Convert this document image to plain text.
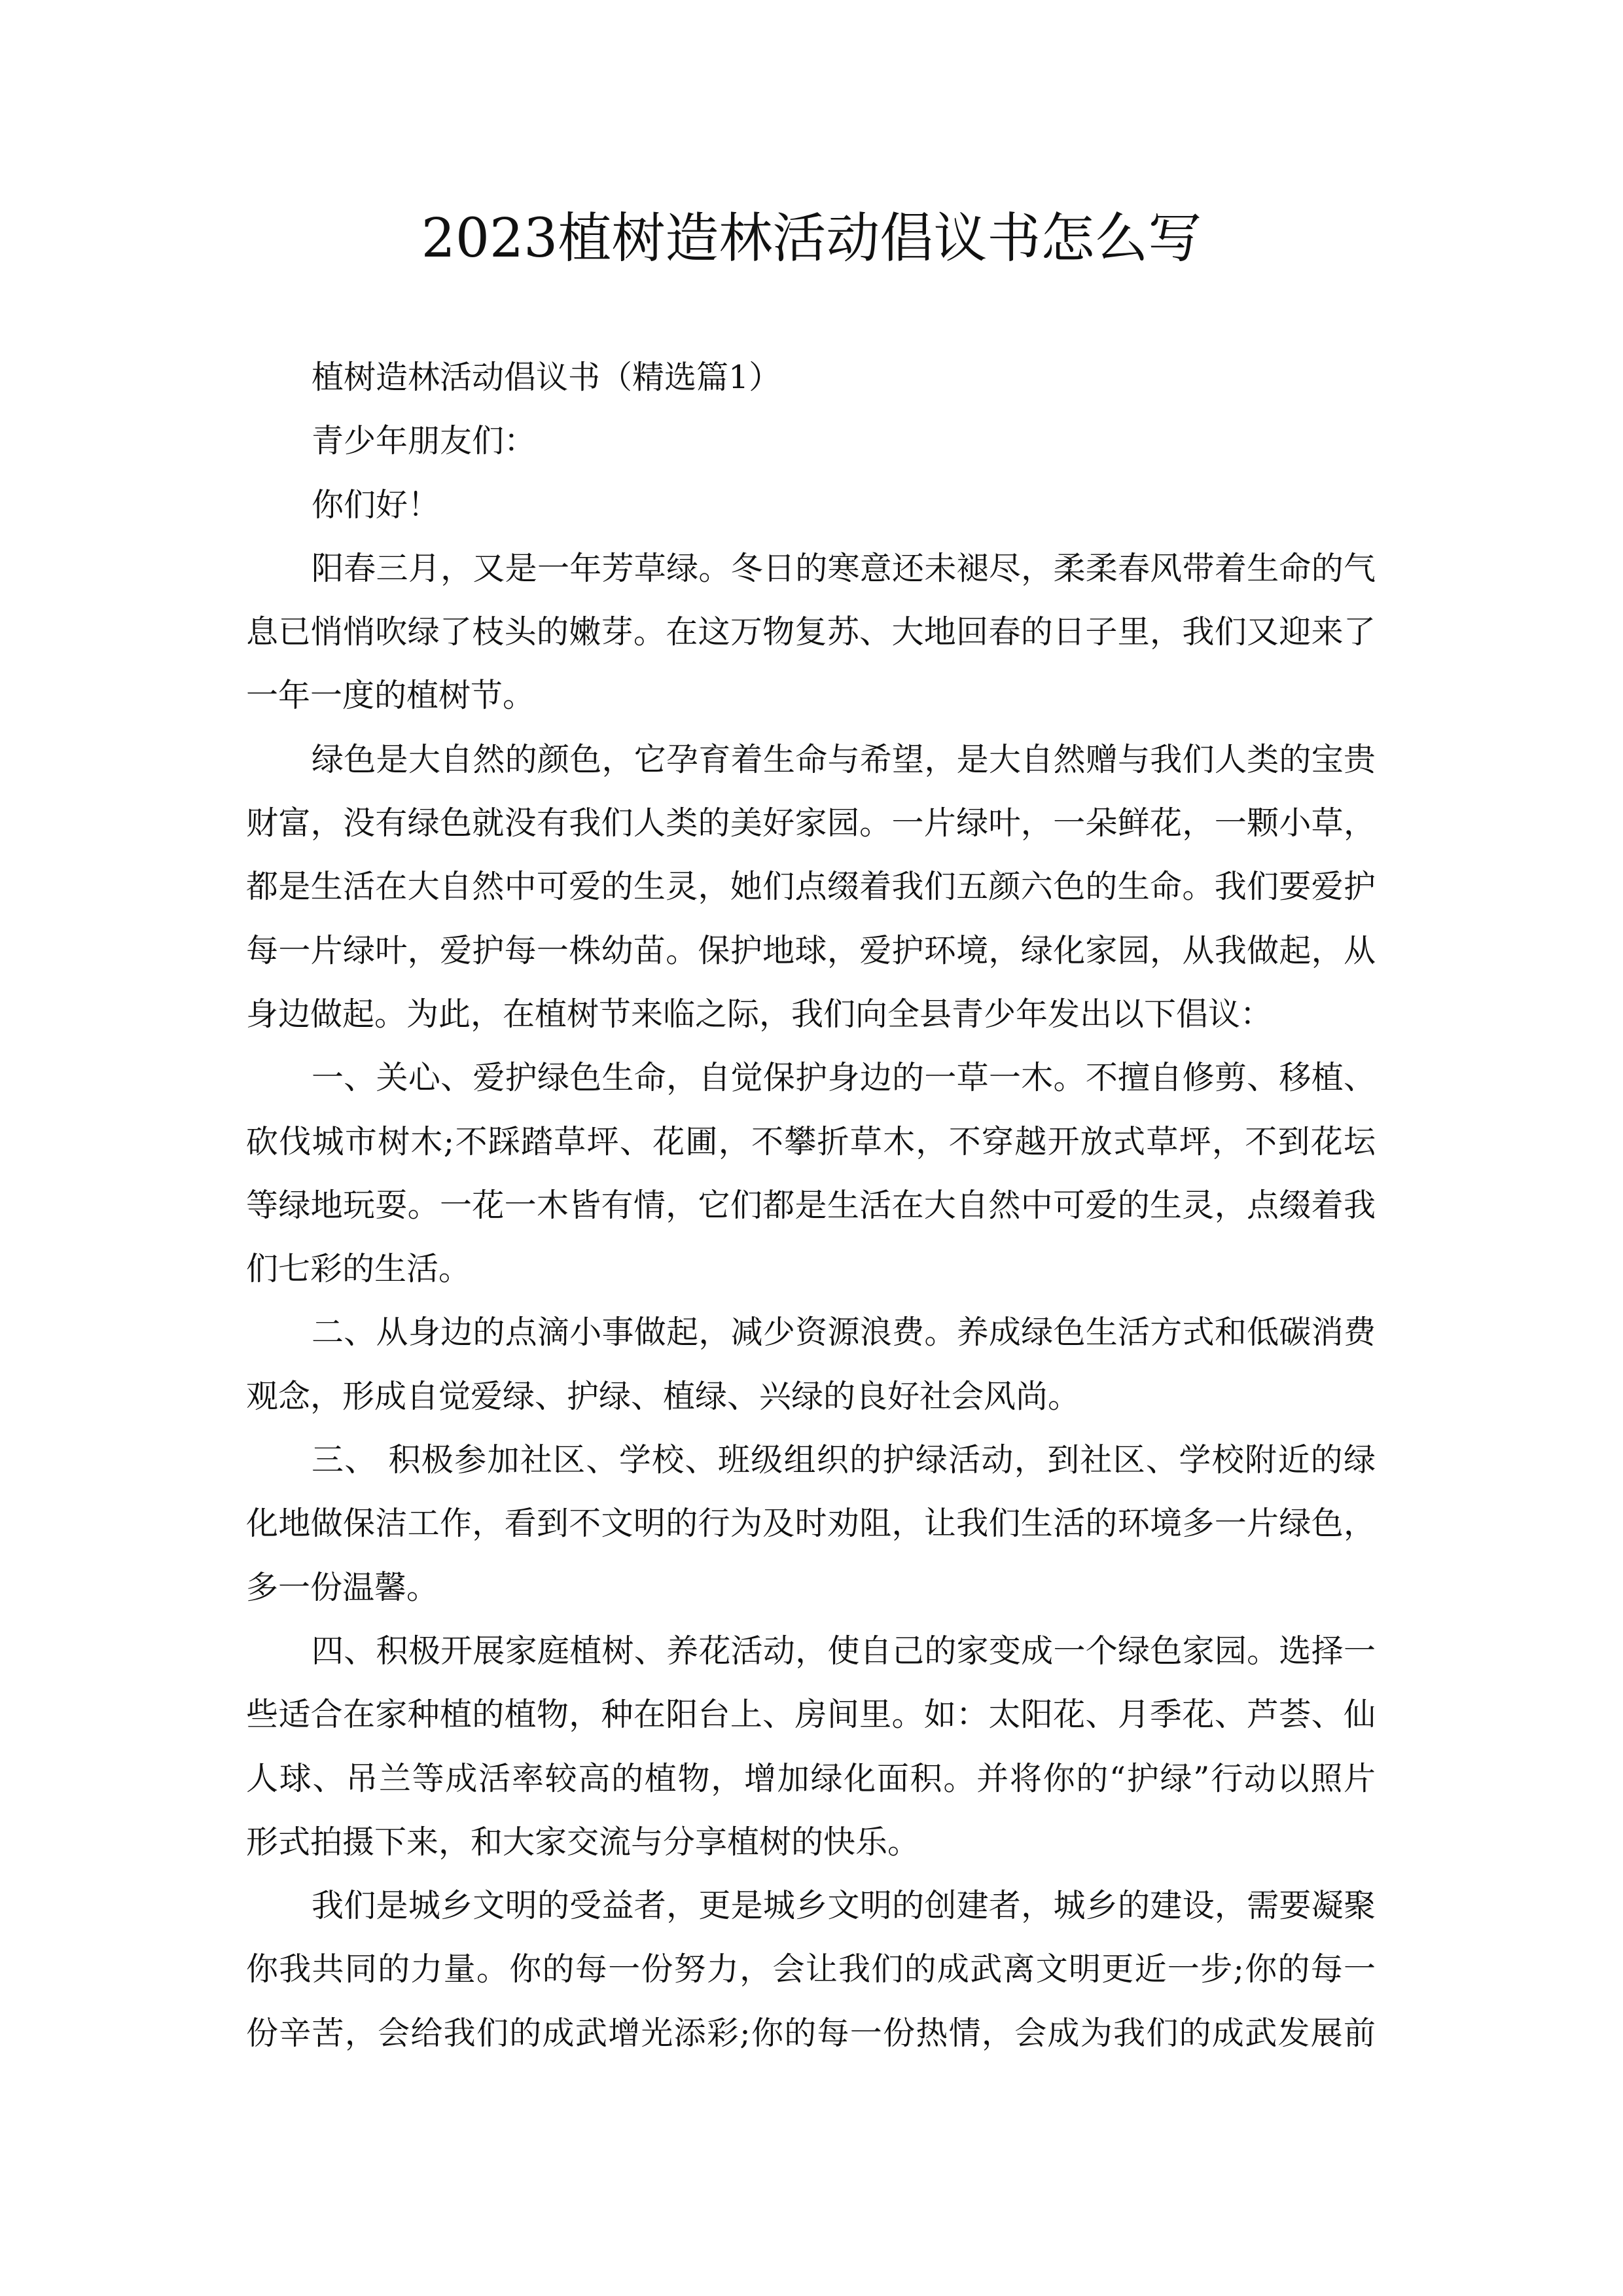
2023植树造林活动倡议书怎么写
植树造林活动倡议书（精选篇1）
青少年朋友们：
你们好！
阳春三月，又是一年芳草绿。冬日的寒意还未褪尽，柔柔春风带着生命的气
息已悄悄吹绿了枝头的嫩芽。在这万物复苏、大地回春的日子里，我们又迎来了
一年一度的植树节。
绿色是大自然的颜色，它孕育着生命与希望，是大自然赠与我们人类的宝贵
财富，没有绿色就没有我们人类的美好家园。一片绿叶，一朵鲜花，一颗小草，
都是生活在大自然中可爱的生灵，她们点缀着我们五颜六色的生命。我们要爱护
每一片绿叶，爱护每一株幼苗。保护地球，爱护环境，绿化家园，从我做起，从
身边做起。为此，在植树节来临之际，我们向全县青少年发出以下倡议：
一、关心、爱护绿色生命，自觉保护身边的一草一木。不擅自修剪、移植、
砍伐城市树木;不踩踏草坪、花圃，不攀折草木，不穿越开放式草坪，不到花坛
等绿地玩耍。一花一木皆有情，它们都是生活在大自然中可爱的生灵，点缀着我
们七彩的生活。
二、从身边的点滴小事做起，减少资源浪费。养成绿色生活方式和低碳消费
观念，形成自觉爱绿、护绿、植绿、兴绿的良好社会风尚。
三、 积极参加社区、学校、班级组织的护绿活动，到社区、学校附近的绿
化地做保洁工作，看到不文明的行为及时劝阻，让我们生活的环境多一片绿色，
多一份温馨。
四、积极开展家庭植树、养花活动，使自己的家变成一个绿色家园。选择一
些适合在家种植的植物，种在阳台上、房间里。如：太阳花、月季花、芦荟、仙
人球、吊兰等成活率较高的植物，增加绿化面积。并将你的“护绿”行动以照片
形式拍摄下来，和大家交流与分享植树的快乐。
我们是城乡文明的受益者，更是城乡文明的创建者，城乡的建设，需要凝聚
你我共同的力量。你的每一份努力，会让我们的成武离文明更近一步;你的每一
份辛苦，会给我们的成武增光添彩;你的每一份热情，会成为我们的成武发展前
